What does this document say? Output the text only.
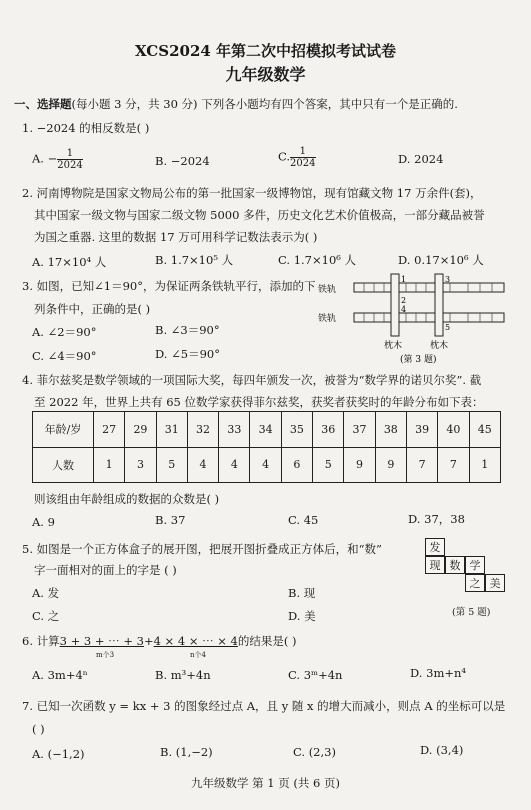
XCS2024 年第二次中招模拟考试试卷
九年级数学
一、选择题(每小题 3 分，共 30 分) 下列各小题均有四个答案，其中只有一个是正确的.
1. −2024 的相反数是( )
A. − $\frac{1}{2024}$	B. −2024	C. $\frac{1}{2024}$	D. 2024
2. 河南博物院是国家文物局公布的第一批国家一级博物馆，现有馆藏文物 17 万余件(套)，
其中国家一级文物与国家二级文物 5000 多件，历史文化艺术价值极高，一部分藏品被誉
为国之重器. 这里的数据 17 万可用科学记数法表示为( )
A. 17×10⁴ 人	B. 1.7×10⁵ 人	C. 1.7×10⁶ 人	D. 0.17×10⁶ 人
3. 如图，已知∠1＝90°，为保证两条铁轨平行，添加的下
列条件中，正确的是( )
A. ∠2＝90°	B. ∠3＝90°
C. ∠4＝90°	D. ∠5＝90°
铁轨
铁轨
1
2
3
4
5
枕木	枕木
(第 3 题)
4. 菲尔兹奖是数学领域的一项国际大奖，每四年颁发一次，被誉为“数学界的诺贝尔奖”. 截
至 2022 年，世界上共有 65 位数学家获得菲尔兹奖，获奖者获奖时的年龄分布如下表：
年龄/岁	27	29	31	32	33	34	35	36	37	38	39	40	45
人数	1	3	5	4	4	4	6	5	9	9	7	7	1
则该组由年龄组成的数据的众数是( )
A. 9	B. 37	C. 45	D. 37，38
5. 如图是一个正方体盒子的展开图，把展开图折叠成正方体后，和“数”
字一面相对的面上的字是 ( )
A. 发	B. 现
C. 之	D. 美
发
现 数 学
之 美
(第 5 题)
6. 计算3 + 3 + ⋯ + 3+4 × 4 × ⋯ × 4的结果是( )
m个3	n个4
A. 3m+4ⁿ	B. m³+4n	C. 3ᵐ+4n	D. 3m+n⁴
7. 已知一次函数 y = kx + 3 的图象经过点 A，且 y 随 x 的增大而减小，则点 A 的坐标可以是
( )
A. (−1,2)	B. (1,−2)	C. (2,3)	D. (3,4)
九年级数学 第 1 页 (共 6 页)
